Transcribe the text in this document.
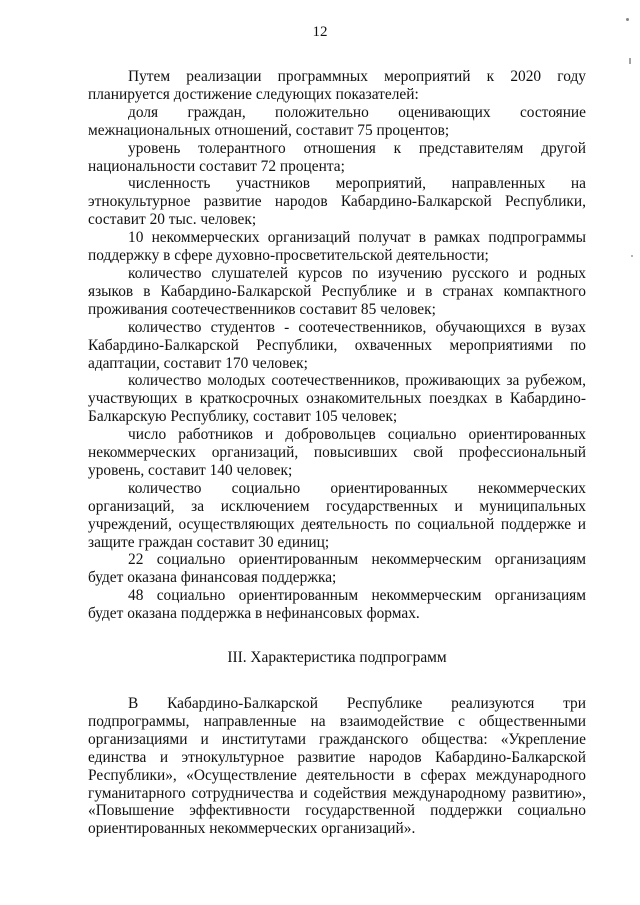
12

Путем реализации программных мероприятий к 2020 году планируется достижение следующих показателей:

доля граждан, положительно оценивающих состояние межнациональных отношений, составит 75 процентов;

уровень толерантного отношения к представителям другой национальности составит 72 процента;

численность участников мероприятий, направленных на этнокультурное развитие народов Кабардино-Балкарской Республики, составит 20 тыс. человек;

10 некоммерческих организаций получат в рамках подпрограммы поддержку в сфере духовно-просветительской деятельности;

количество слушателей курсов по изучению русского и родных языков в Кабардино-Балкарской Республике и в странах компактного проживания соотечественников составит 85 человек;

количество студентов - соотечественников, обучающихся в вузах Кабардино-Балкарской Республики, охваченных мероприятиями по адаптации, составит 170 человек;

количество молодых соотечественников, проживающих за рубежом, участвующих в краткосрочных ознакомительных поездках в Кабардино-Балкарскую Республику, составит 105 человек;

число работников и добровольцев социально ориентированных некоммерческих организаций, повысивших свой профессиональный уровень, составит 140 человек;

количество социально ориентированных некоммерческих организаций, за исключением государственных и муниципальных учреждений, осуществляющих деятельность по социальной поддержке и защите граждан составит 30 единиц;

22 социально ориентированным некоммерческим организациям будет оказана финансовая поддержка;

48 социально ориентированным некоммерческим организациям будет оказана поддержка в нефинансовых формах.

III. Характеристика подпрограмм

В Кабардино-Балкарской Республике реализуются три подпрограммы, направленные на взаимодействие с общественными организациями и институтами гражданского общества: «Укрепление единства и этнокультурное развитие народов Кабардино-Балкарской Республики», «Осуществление деятельности в сферах международного гуманитарного сотрудничества и содействия международному развитию», «Повышение эффективности государственной поддержки социально ориентированных некоммерческих организаций».
